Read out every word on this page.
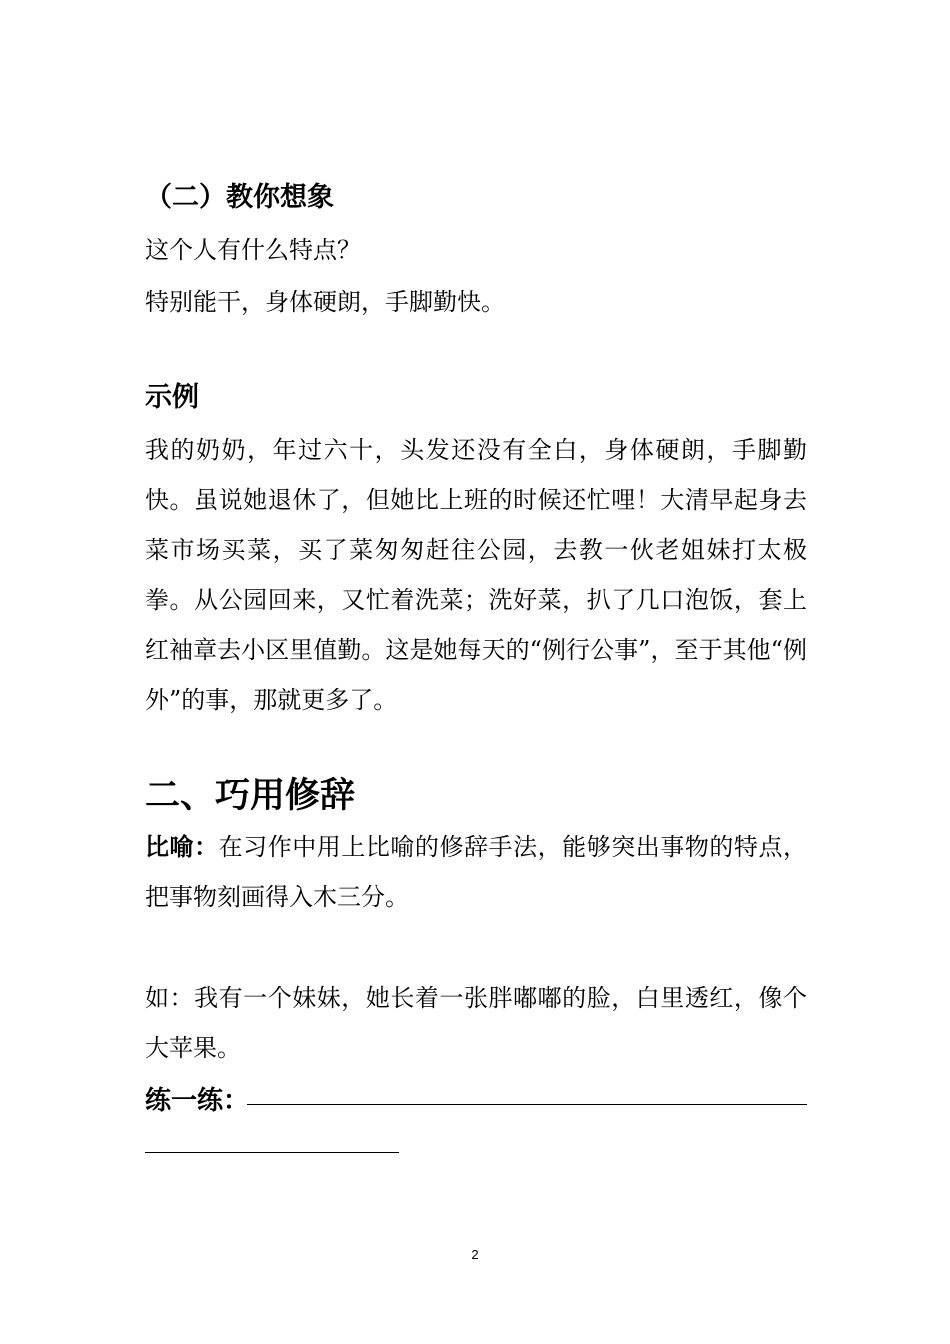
（二）教你想象
这个人有什么特点？
特别能干，身体硬朗，手脚勤快。
示例
我的奶奶，年过六十，头发还没有全白，身体硬朗，手脚勤快。虽说她退休了，但她比上班的时候还忙哩！大清早起身去菜市场买菜，买了菜匆匆赶往公园，去教一伙老姐妹打太极拳。从公园回来，又忙着洗菜；洗好菜，扒了几口泡饭，套上红袖章去小区里值勤。这是她每天的“例行公事”，至于其他“例外”的事，那就更多了。
二、巧用修辞
比喻：在习作中用上比喻的修辞手法，能够突出事物的特点，把事物刻画得入木三分。
如：我有一个妹妹，她长着一张胖嘟嘟的脸，白里透红，像个大苹果。
练一练：
2
